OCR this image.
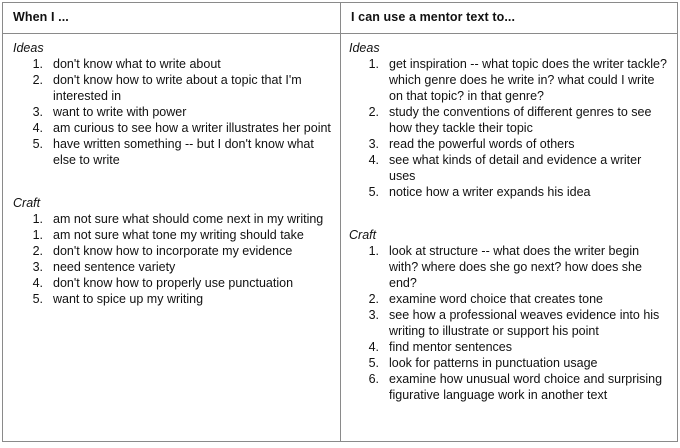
When I ...	I can use a mentor text to...
Ideas
1. don't know what to write about
2. don't know how to write about a topic that I'm interested in
3. want to write with power
4. am curious to see how a writer illustrates her point
5. have written something -- but I don't know what else to write
Craft
1. am not sure what should come next in my writing
1. am not sure what tone my writing should take
2. don't know how to incorporate my evidence
3. need sentence variety
4. don't know how to properly use punctuation
5. want to spice up my writing
Ideas
1. get inspiration -- what topic does the writer tackle? which genre does he write in? what could I write on that topic? in that genre?
2. study the conventions of different genres to see how they tackle their topic
3. read the powerful words of others
4. see what kinds of detail and evidence a writer uses
5. notice how a writer expands his idea
Craft
1. look at structure -- what does the writer begin with? where does she go next? how does she end?
2. examine word choice that creates tone
3. see how a professional weaves evidence into his writing to illustrate or support his point
4. find mentor sentences
5. look for patterns in punctuation usage
6. examine how unusual word choice and surprising figurative language work in another text
